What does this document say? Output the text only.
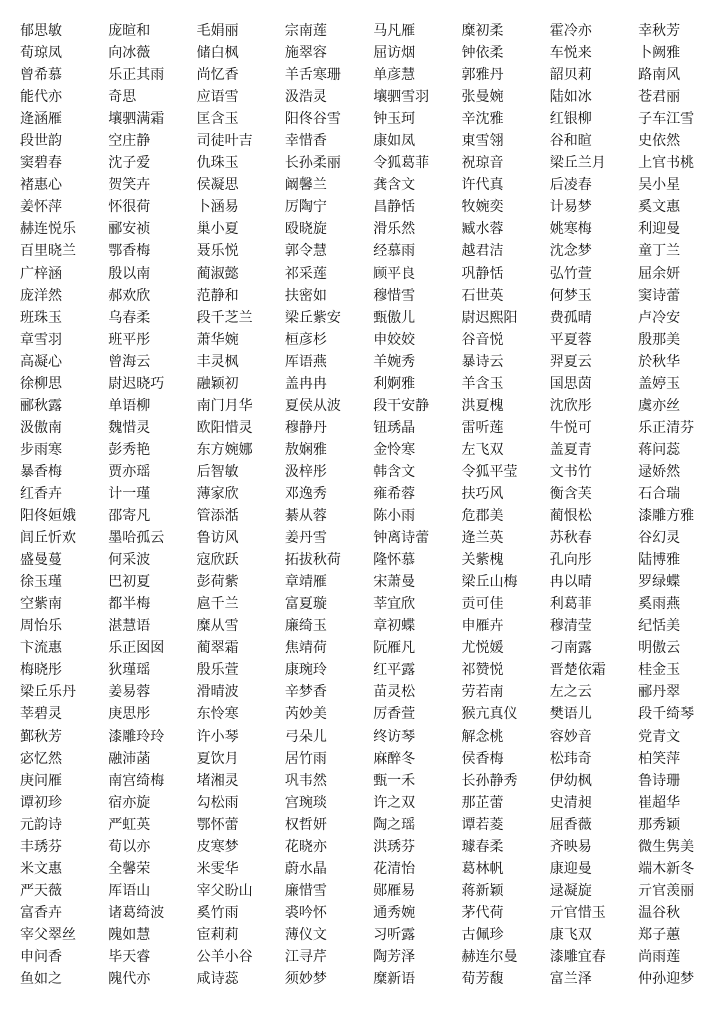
郁思敏	庞暄和	毛娟丽	宗南莲	马凡雁	糜初柔	霍冷亦	幸秋芳
荀琼凤	向冰薇	储白枫	施翠容	屈访烟	钟依柔	车悦来	卜阙雅
曾希慕	乐正其雨	尚忆香	羊舌寒珊	单彦慧	郭雅丹	韶贝莉	路南风
能代亦	奇思	应语雪	汲浩灵	壤驷雪羽	张曼婉	陆如冰	苍君丽
逄涵雁	壤驷满霜	匡含玉	阳佟谷雪	钟玉珂	辛沈雅	红银柳	子车江雪
段世韵	空庄静	司徒叶吉	幸惜香	康如凤	東雪翎	谷和暄	史依然
窦碧春	沈子爱	仇珠玉	长孙柔丽	令狐葛菲	祝琼音	梁丘兰月	上官书桃
褚惠心	贺笑卉	侯凝思	阚馨兰	龚含文	许代真	后凌春	吴小星
姜怀萍	怀很荷	卜涵易	厉陶宁	昌静恬	牧婉奕	计易梦	奚文惠
赫连悦乐	郦安祯	巢小夏	殴晓旋	滑乐然	臧水蓉	姚寒梅	利迎曼
百里晓兰	鄂香梅	聂乐悦	郭令慧	经慕雨	越君洁	沈念梦	童丁兰
广梓涵	殷以南	蔺淑懿	祁采莲	顾平良	巩静恬	弘竹萱	屈余妍
庞洋然	郝欢欣	范静和	扶密如	穆惜雪	石世英	何梦玉	窦诗蕾
班珠玉	乌春柔	段千芝兰	梁丘紫安	甄傲儿	尉迟熙阳	费孤晴	卢冷安
章雪羽	班平彤	萧华婉	桓彦杉	申姣姣	谷音悦	平夏蓉	殷那美
高凝心	曾海云	丰灵枫	厍语燕	羊婉秀	暴诗云	羿夏云	於秋华
徐柳思	尉迟晓巧	融颖初	盖冉冉	利婀雅	羊含玉	国思茵	盖婷玉
郦秋露	单语柳	南门月华	夏侯从波	段干安静	洪夏槐	沈欣彤	虞亦丝
汲傲南	魏惜灵	欧阳惜灵	穆静丹	钮琇晶	雷听莲	牛悦可	乐正清芬
步雨寒	彭秀艳	东方婉娜	敖娴雅	金怜寒	左飞双	盖夏青	蒋问蕊
暴香梅	贾亦瑶	后智敏	汲梓彤	韩含文	令狐平莹	文书竹	逯娇然
红香卉	计一瑾	薄家欣	邓逸秀	雍希蓉	扶巧风	衡含芙	石合瑞
阳佟姮娥	邵寄凡	管添湉	綦从蓉	陈小雨	危郡美	蔺恨松	漆雕方雅
闾丘忻欢	墨哈孤云	鲁访风	姜丹雪	钟离诗蕾	逄兰英	苏秋春	谷幻灵
盛曼蔓	何采波	寇欣跃	拓拔秋荷	隆怀慕	关紫槐	孔向彤	陆博雅
徐玉瑾	巴初夏	彭荷紫	章靖雁	宋萧曼	梁丘山梅	冉以晴	罗绿蝶
空紫南	都半梅	扈千兰	富夏璇	莘宜欣	贡可佳	利葛菲	奚雨燕
周怡乐	湛慧语	糜从雪	廉绮玉	章初蝶	申雁卉	穆清莹	纪恬美
卞流惠	乐正囡囡	蔺翠霜	焦靖荷	阮雁凡	尤悦媛	刁南露	明傲云
梅晓彤	狄瑾瑶	殷乐萱	康琬玲	红平露	祁赞悦	晋楚依霜	桂金玉
梁丘乐丹	姜易蓉	滑晴波	辛梦香	苗灵松	劳若南	左之云	郦丹翠
莘碧灵	庚思彤	东怜寒	芮妙美	厉香萱	猴亢真仪	樊语儿	段千绮琴
鄞秋芳	漆雕玲玲	许小琴	弓朵儿	终访琴	解念桃	容妙音	党青文
宓忆然	融沛菡	夏饮月	居竹雨	麻醉冬	侯香梅	松玮奇	柏笑萍
庚问雁	南宫绮梅	堵湘灵	巩韦然	甄一禾	长孙静秀	伊幼枫	鲁诗珊
谭初珍	宿亦旋	勾松雨	宫琬琰	许之双	那芷蕾	史清昶	崔超华
元韵诗	严虹英	鄂怀蕾	权哲妍	陶之瑶	谭若菱	屈香薇	那秀颖
丰琇芬	荀以亦	皮寒梦	花晓亦	洪琇芬	璩春柔	齐映易	微生隽美
米文惠	全馨荣	米雯华	蔚水晶	花清怡	葛林帆	康迎曼	端木新冬
严天薇	厍语山	宰父盼山	廉惜雪	郧雁易	蒋新颖	逯凝旋	亓官羡丽
富香卉	诸葛绮波	奚竹雨	裘吟怀	通秀婉	茅代荷	亓官惜玉	温谷秋
宰父翠丝	隗如慧	宦莉莉	薄仪文	习听露	古佩珍	康飞双	郑子蕙
申问香	毕天睿	公羊小谷	江寻芹	陶芳泽	赫连尔曼	漆雕宜春	尚雨莲
鱼如之	隗代亦	咸诗蕊	须妙梦	糜新语	荀芳馥	富兰泽	仲孙迎梦
